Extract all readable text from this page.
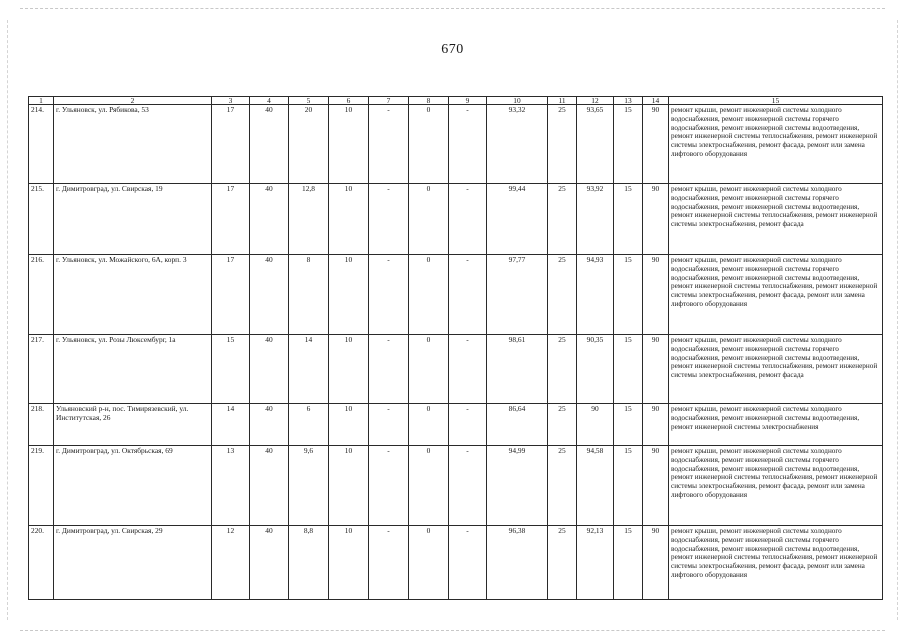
670
1	2	3	4	5	6	7	8	9	10	11	12	13	14	15
214.	г. Ульяновск, ул. Рябикова, 53	17	40	20	10	-	0	-	93,32	25	93,65	15	90	ремонт крыши, ремонт инженерной системы холодного водоснабжения, ремонт инженерной системы горячего водоснабжения, ремонт инженерной системы водоотведения, ремонт инженерной системы теплоснабжения, ремонт инженерной системы электроснабжения, ремонт фасада, ремонт или замена лифтового оборудования
215.	г. Димитровград, ул. Свирская, 19	17	40	12,8	10	-	0	-	99,44	25	93,92	15	90	ремонт крыши, ремонт инженерной системы холодного водоснабжения, ремонт инженерной системы горячего водоснабжения, ремонт инженерной системы водоотведения, ремонт инженерной системы теплоснабжения, ремонт инженерной системы электроснабжения, ремонт фасада
216.	г. Ульяновск, ул. Можайского, 6А, корп. 3	17	40	8	10	-	0	-	97,77	25	94,93	15	90	ремонт крыши, ремонт инженерной системы холодного водоснабжения, ремонт инженерной системы горячего водоснабжения, ремонт инженерной системы водоотведения, ремонт инженерной системы теплоснабжения, ремонт инженерной системы электроснабжения, ремонт фасада, ремонт или замена лифтового оборудования
217.	г. Ульяновск, ул. Розы Люксембург, 1а	15	40	14	10	-	0	-	98,61	25	90,35	15	90	ремонт крыши, ремонт инженерной системы холодного водоснабжения, ремонт инженерной системы горячего водоснабжения, ремонт инженерной системы водоотведения, ремонт инженерной системы теплоснабжения, ремонт инженерной системы электроснабжения, ремонт фасада
218.	Ульяновский р-н, пос. Тимирязевский, ул. Институтская, 26	14	40	6	10	-	0	-	86,64	25	90	15	90	ремонт крыши, ремонт инженерной системы холодного водоснабжения, ремонт инженерной системы водоотведения, ремонт инженерной системы электроснабжения
219.	г. Димитровград, ул. Октябрьская, 69	13	40	9,6	10	-	0	-	94,99	25	94,58	15	90	ремонт крыши, ремонт инженерной системы холодного водоснабжения, ремонт инженерной системы горячего водоснабжения, ремонт инженерной системы водоотведения, ремонт инженерной системы теплоснабжения, ремонт инженерной системы электроснабжения, ремонт фасада, ремонт или замена лифтового оборудования
220.	г. Димитровград, ул. Свирская, 29	12	40	8,8	10	-	0	-	96,38	25	92,13	15	90	ремонт крыши, ремонт инженерной системы холодного водоснабжения, ремонт инженерной системы горячего водоснабжения, ремонт инженерной системы водоотведения, ремонт инженерной системы теплоснабжения, ремонт инженерной системы электроснабжения, ремонт фасада, ремонт или замена лифтового оборудования
